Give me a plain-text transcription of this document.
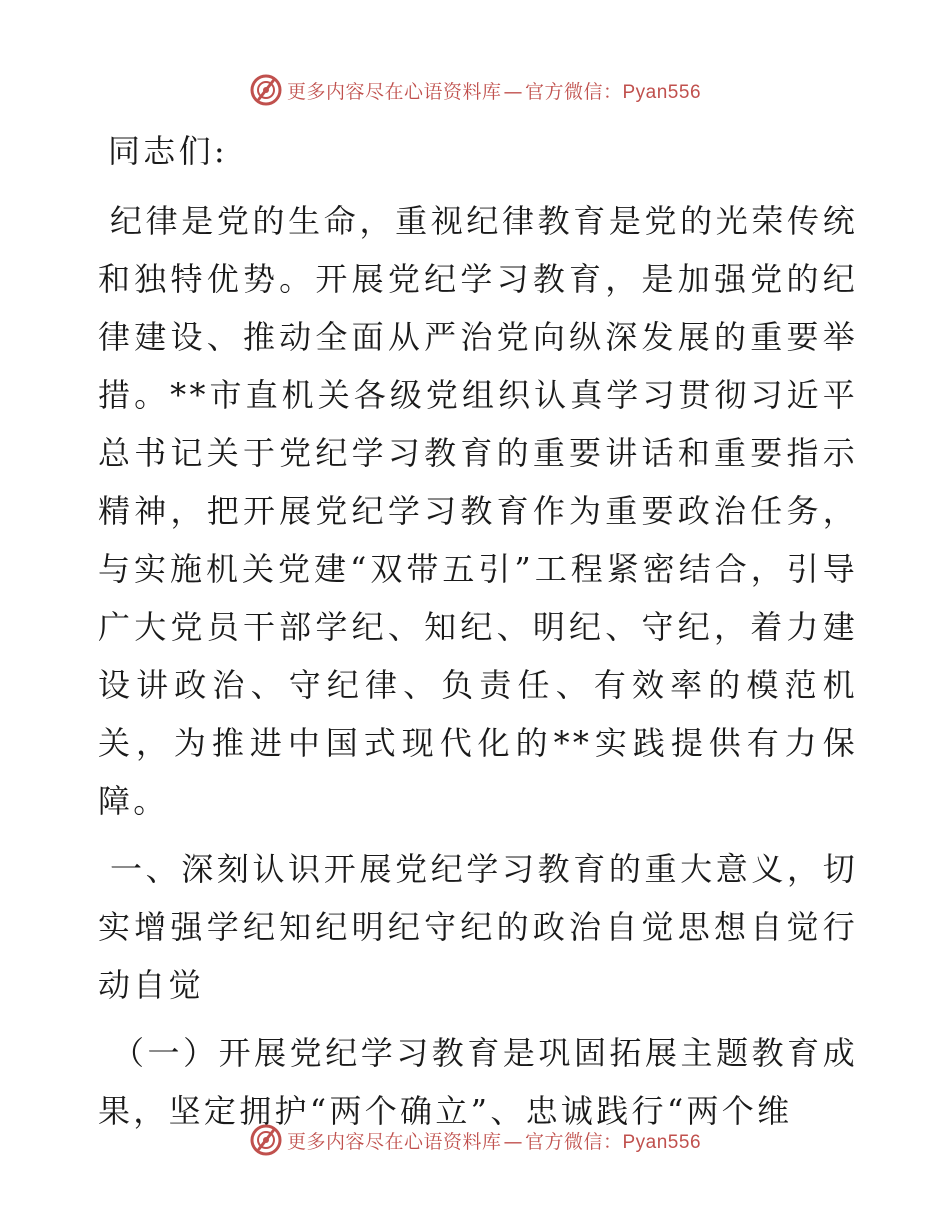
更多内容尽在心语资料库 — 官方微信：Pyan556

同志们:

纪律是党的生命，重视纪律教育是党的光荣传统和独特优势。开展党纪学习教育，是加强党的纪律建设、推动全面从严治党向纵深发展的重要举措。**市直机关各级党组织认真学习贯彻习近平总书记关于党纪学习教育的重要讲话和重要指示精神，把开展党纪学习教育作为重要政治任务，与实施机关党建“双带五引”工程紧密结合，引导广大党员干部学纪、知纪、明纪、守纪，着力建设讲政治、守纪律、负责任、有效率的模范机关，为推进中国式现代化的**实践提供有力保障。

一、深刻认识开展党纪学习教育的重大意义，切实增强学纪知纪明纪守纪的政治自觉思想自觉行动自觉

（一）开展党纪学习教育是巩固拓展主题教育成果，坚定拥护“两个确立”、忠诚践行“两个维

更多内容尽在心语资料库 — 官方微信：Pyan556
